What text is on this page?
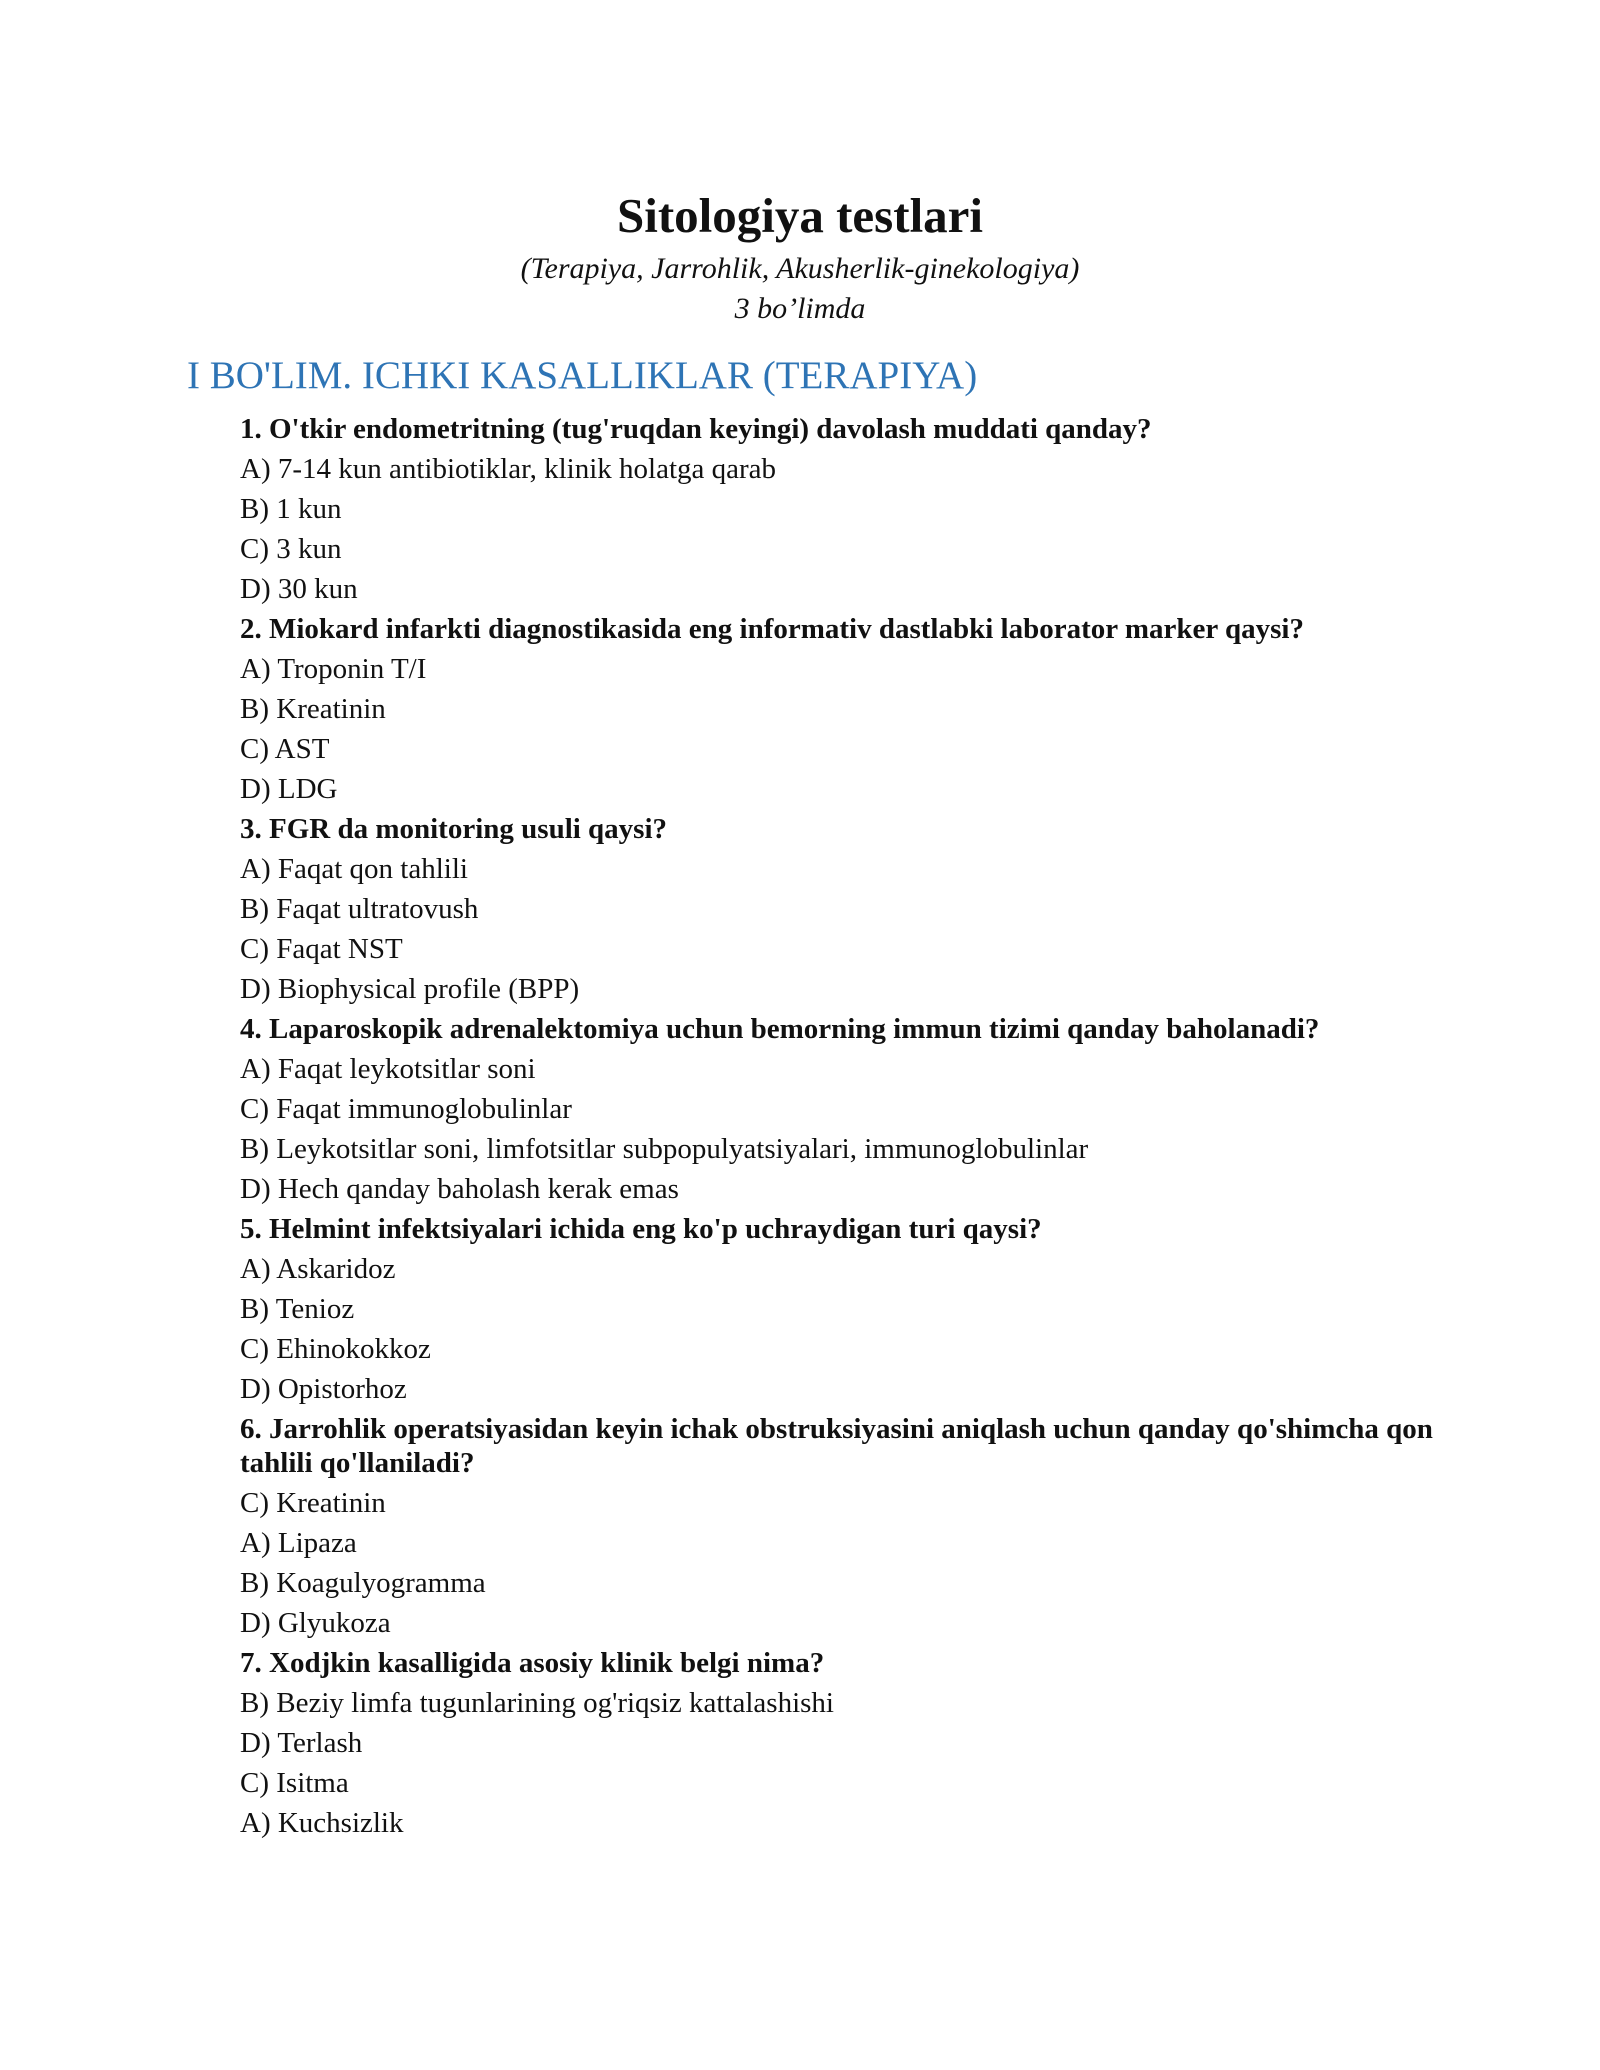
Sitologiya testlari

(Terapiya, Jarrohlik, Akusherlik-ginekologiya)

3 bo’limda

I BO'LIM. ICHKI KASALLIKLAR (TERAPIYA)

1. O'tkir endometritning (tug'ruqdan keyingi) davolash muddati qanday?

A) 7-14 kun antibiotiklar, klinik holatga qarab
B) 1 kun
C) 3 kun
D) 30 kun

2. Miokard infarkti diagnostikasida eng informativ dastlabki laborator marker qaysi?

A) Troponin T/I
B) Kreatinin
C) AST
D) LDG

3. FGR da monitoring usuli qaysi?

A) Faqat qon tahlili
B) Faqat ultratovush
C) Faqat NST
D) Biophysical profile (BPP)

4. Laparoskopik adrenalektomiya uchun bemorning immun tizimi qanday baholanadi?

A) Faqat leykotsitlar soni
C) Faqat immunoglobulinlar
B) Leykotsitlar soni, limfotsitlar subpopulyatsiyalari, immunoglobulinlar
D) Hech qanday baholash kerak emas

5. Helmint infektsiyalari ichida eng ko'p uchraydigan turi qaysi?

A) Askaridoz
B) Tenioz
C) Ehinokokkoz
D) Opistorhoz

6. Jarrohlik operatsiyasidan keyin ichak obstruksiyasini aniqlash uchun qanday qo'shimcha qon tahlili qo'llaniladi?

C) Kreatinin
A) Lipaza
B) Koagulyogramma
D) Glyukoza

7. Xodjkin kasalligida asosiy klinik belgi nima?

B) Beziy limfa tugunlarining og'riqsiz kattalashishi
D) Terlash
C) Isitma
A) Kuchsizlik
